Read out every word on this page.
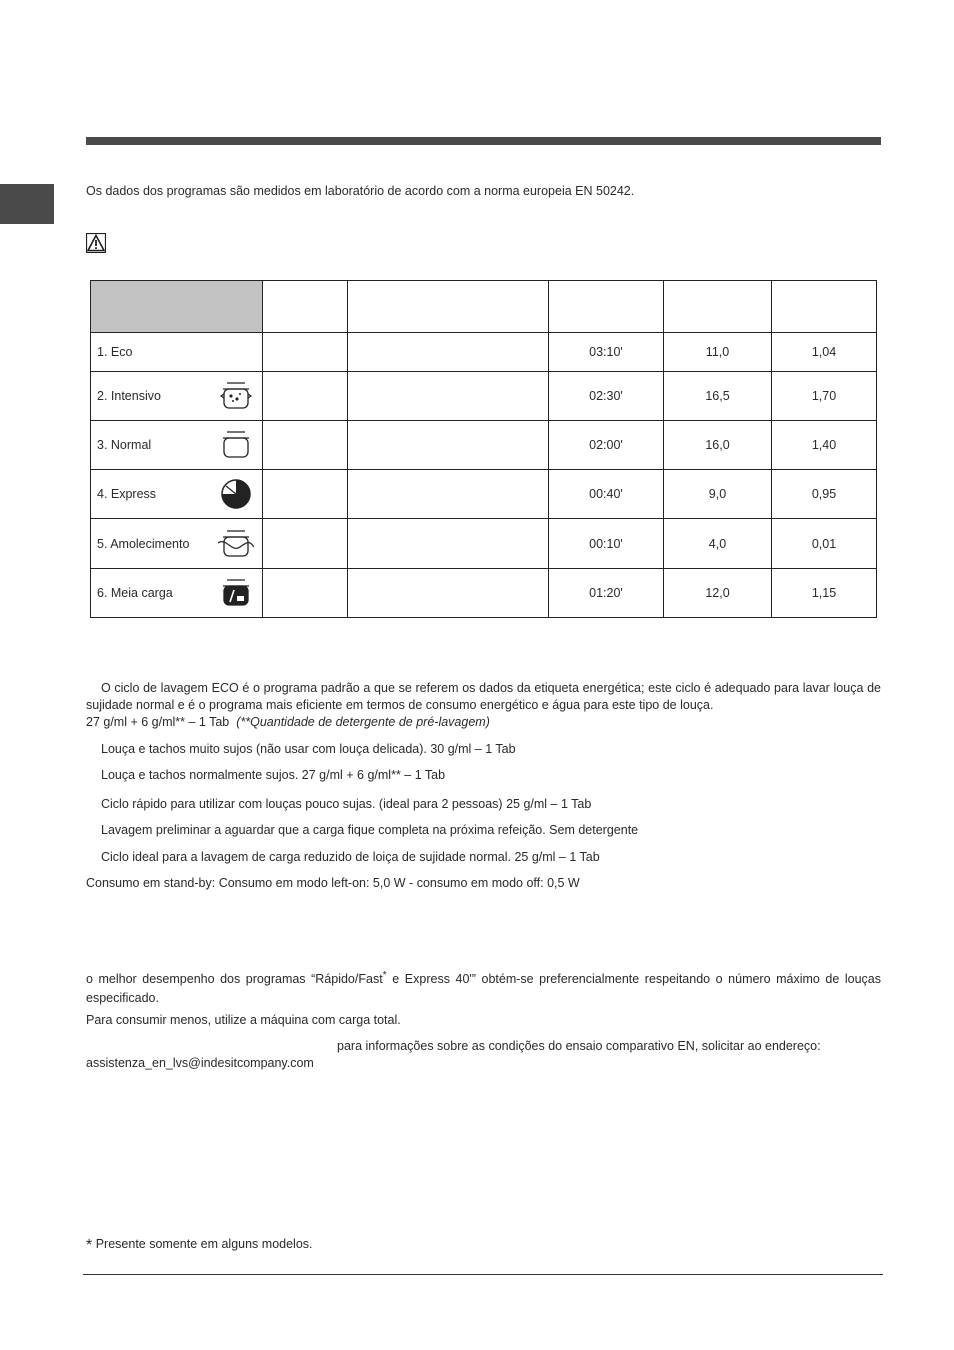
Os dados dos programas são medidos em laboratório de acordo com a norma europeia EN 50242.

1. Eco			03:10'	11,0	1,04
2. Intensivo			02:30'	16,5	1,70
3. Normal			02:00'	16,0	1,40
4. Express			00:40'	9,0	0,95
5. Amolecimento			00:10'	4,0	0,01
6. Meia carga			01:20'	12,0	1,15

O ciclo de lavagem ECO é o programa padrão a que se referem os dados da etiqueta energética; este ciclo é adequado para lavar louça de sujidade normal e é o programa mais eficiente em termos de consumo energético e água para este tipo de louça.

27 g/ml + 6 g/ml** – 1 Tab (**Quantidade de detergente de pré-lavagem)

Louça e tachos muito sujos (não usar com louça delicada). 30 g/ml – 1 Tab

Louça e tachos normalmente sujos. 27 g/ml + 6 g/ml** – 1 Tab

Ciclo rápido para utilizar com louças pouco sujas. (ideal para 2 pessoas) 25 g/ml – 1 Tab

Lavagem preliminar a aguardar que a carga fique completa na próxima refeição. Sem detergente

Ciclo ideal para a lavagem de carga reduzido de loiça de sujidade normal. 25 g/ml – 1 Tab

Consumo em stand-by: Consumo em modo left-on: 5,0 W - consumo em modo off: 0,5 W

o melhor desempenho dos programas “Rápido/Fast* e Express 40'” obtém-se preferencialmente respeitando o número máximo de louças especificado.
Para consumir menos, utilize a máquina com carga total.
para informações sobre as condições do ensaio comparativo EN, solicitar ao endereço:
assistenza_en_lvs@indesitcompany.com
* Presente somente em alguns modelos.
